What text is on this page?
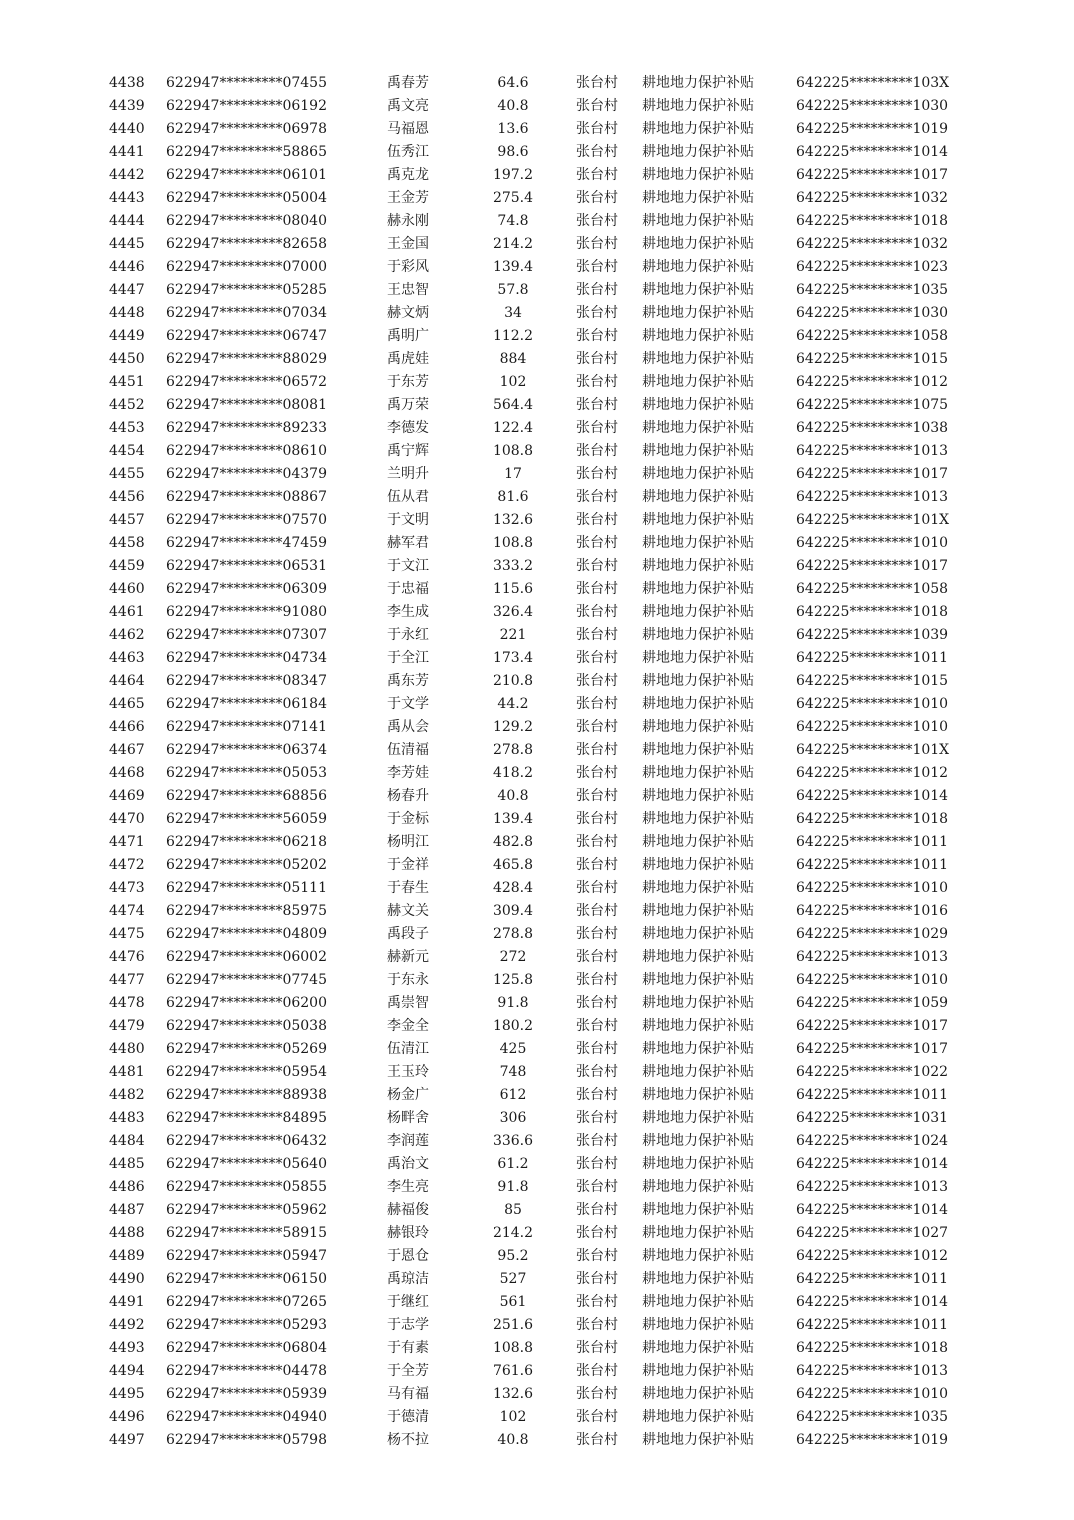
4438	622947*********07455	禹春芳	64.6	张台村	耕地地力保护补贴	642225*********103X
4439	622947*********06192	禹文亮	40.8	张台村	耕地地力保护补贴	642225*********1030
4440	622947*********06978	马福恩	13.6	张台村	耕地地力保护补贴	642225*********1019
4441	622947*********58865	伍秀江	98.6	张台村	耕地地力保护补贴	642225*********1014
4442	622947*********06101	禹克龙	197.2	张台村	耕地地力保护补贴	642225*********1017
4443	622947*********05004	王金芳	275.4	张台村	耕地地力保护补贴	642225*********1032
4444	622947*********08040	赫永刚	74.8	张台村	耕地地力保护补贴	642225*********1018
4445	622947*********82658	王金国	214.2	张台村	耕地地力保护补贴	642225*********1032
4446	622947*********07000	于彩风	139.4	张台村	耕地地力保护补贴	642225*********1023
4447	622947*********05285	王忠智	57.8	张台村	耕地地力保护补贴	642225*********1035
4448	622947*********07034	赫文炳	34	张台村	耕地地力保护补贴	642225*********1030
4449	622947*********06747	禹明广	112.2	张台村	耕地地力保护补贴	642225*********1058
4450	622947*********88029	禹虎娃	884	张台村	耕地地力保护补贴	642225*********1015
4451	622947*********06572	于东芳	102	张台村	耕地地力保护补贴	642225*********1012
4452	622947*********08081	禹万荣	564.4	张台村	耕地地力保护补贴	642225*********1075
4453	622947*********89233	李德发	122.4	张台村	耕地地力保护补贴	642225*********1038
4454	622947*********08610	禹宁辉	108.8	张台村	耕地地力保护补贴	642225*********1013
4455	622947*********04379	兰明升	17	张台村	耕地地力保护补贴	642225*********1017
4456	622947*********08867	伍从君	81.6	张台村	耕地地力保护补贴	642225*********1013
4457	622947*********07570	于文明	132.6	张台村	耕地地力保护补贴	642225*********101X
4458	622947*********47459	赫军君	108.8	张台村	耕地地力保护补贴	642225*********1010
4459	622947*********06531	于文江	333.2	张台村	耕地地力保护补贴	642225*********1017
4460	622947*********06309	于忠福	115.6	张台村	耕地地力保护补贴	642225*********1058
4461	622947*********91080	李生成	326.4	张台村	耕地地力保护补贴	642225*********1018
4462	622947*********07307	于永红	221	张台村	耕地地力保护补贴	642225*********1039
4463	622947*********04734	于全江	173.4	张台村	耕地地力保护补贴	642225*********1011
4464	622947*********08347	禹东芳	210.8	张台村	耕地地力保护补贴	642225*********1015
4465	622947*********06184	于文学	44.2	张台村	耕地地力保护补贴	642225*********1010
4466	622947*********07141	禹从会	129.2	张台村	耕地地力保护补贴	642225*********1010
4467	622947*********06374	伍清福	278.8	张台村	耕地地力保护补贴	642225*********101X
4468	622947*********05053	李芳娃	418.2	张台村	耕地地力保护补贴	642225*********1012
4469	622947*********68856	杨春升	40.8	张台村	耕地地力保护补贴	642225*********1014
4470	622947*********56059	于金标	139.4	张台村	耕地地力保护补贴	642225*********1018
4471	622947*********06218	杨明江	482.8	张台村	耕地地力保护补贴	642225*********1011
4472	622947*********05202	于金祥	465.8	张台村	耕地地力保护补贴	642225*********1011
4473	622947*********05111	于春生	428.4	张台村	耕地地力保护补贴	642225*********1010
4474	622947*********85975	赫文关	309.4	张台村	耕地地力保护补贴	642225*********1016
4475	622947*********04809	禹段子	278.8	张台村	耕地地力保护补贴	642225*********1029
4476	622947*********06002	赫新元	272	张台村	耕地地力保护补贴	642225*********1013
4477	622947*********07745	于东永	125.8	张台村	耕地地力保护补贴	642225*********1010
4478	622947*********06200	禹崇智	91.8	张台村	耕地地力保护补贴	642225*********1059
4479	622947*********05038	李金全	180.2	张台村	耕地地力保护补贴	642225*********1017
4480	622947*********05269	伍清江	425	张台村	耕地地力保护补贴	642225*********1017
4481	622947*********05954	王玉玲	748	张台村	耕地地力保护补贴	642225*********1022
4482	622947*********88938	杨金广	612	张台村	耕地地力保护补贴	642225*********1011
4483	622947*********84895	杨畔舍	306	张台村	耕地地力保护补贴	642225*********1031
4484	622947*********06432	李润莲	336.6	张台村	耕地地力保护补贴	642225*********1024
4485	622947*********05640	禹治文	61.2	张台村	耕地地力保护补贴	642225*********1014
4486	622947*********05855	李生亮	91.8	张台村	耕地地力保护补贴	642225*********1013
4487	622947*********05962	赫福俊	85	张台村	耕地地力保护补贴	642225*********1014
4488	622947*********58915	赫银玲	214.2	张台村	耕地地力保护补贴	642225*********1027
4489	622947*********05947	于恩仓	95.2	张台村	耕地地力保护补贴	642225*********1012
4490	622947*********06150	禹琼洁	527	张台村	耕地地力保护补贴	642225*********1011
4491	622947*********07265	于继红	561	张台村	耕地地力保护补贴	642225*********1014
4492	622947*********05293	于志学	251.6	张台村	耕地地力保护补贴	642225*********1011
4493	622947*********06804	于有素	108.8	张台村	耕地地力保护补贴	642225*********1018
4494	622947*********04478	于全芳	761.6	张台村	耕地地力保护补贴	642225*********1013
4495	622947*********05939	马有福	132.6	张台村	耕地地力保护补贴	642225*********1010
4496	622947*********04940	于德清	102	张台村	耕地地力保护补贴	642225*********1035
4497	622947*********05798	杨不拉	40.8	张台村	耕地地力保护补贴	642225*********1019
